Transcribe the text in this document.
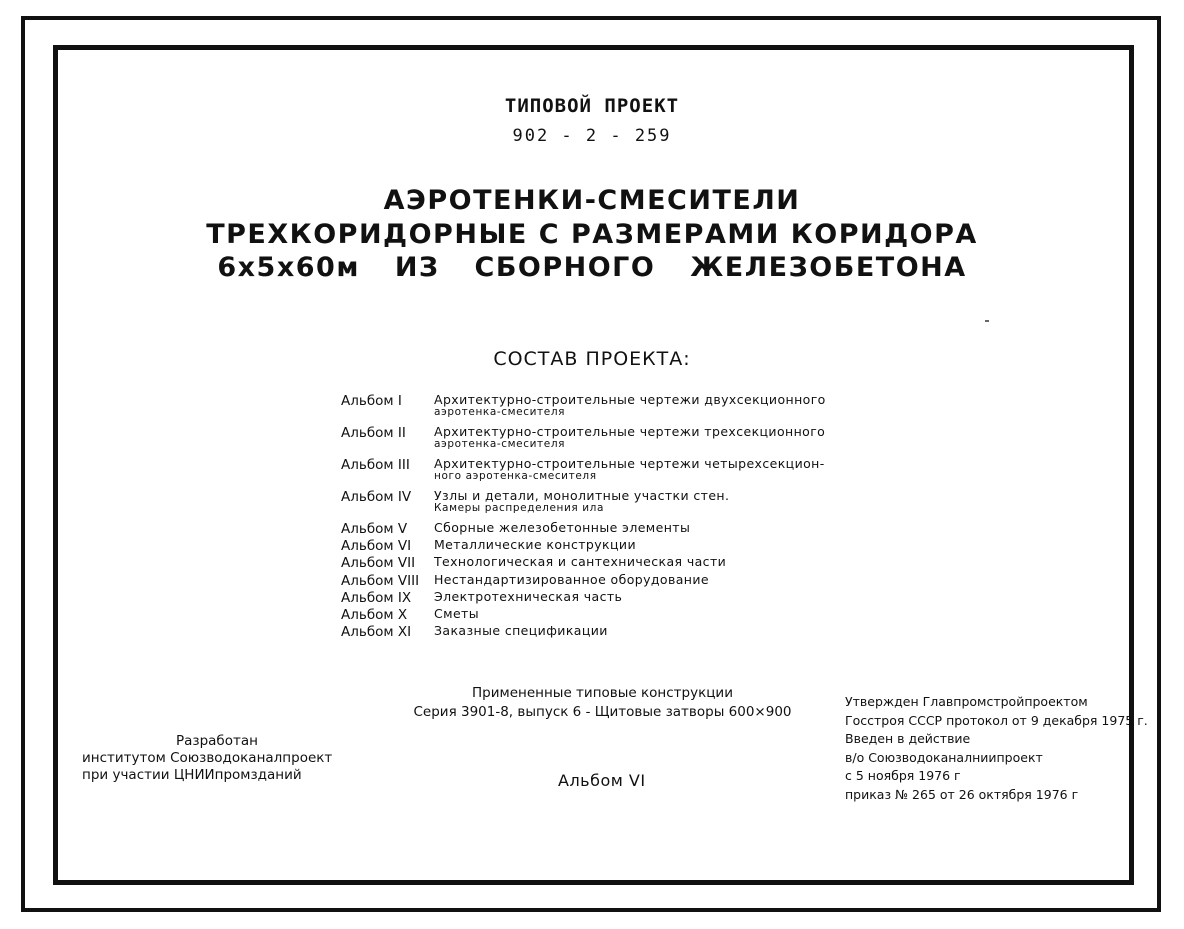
ТИПОВОЙ ПРОЕКТ
902 - 2 - 259
АЭРОТЕНКИ-СМЕСИТЕЛИ
ТРЕХКОРИДОРНЫЕ С РАЗМЕРАМИ КОРИДОРА
6х5х60м ИЗ СБОРНОГО ЖЕЛЕЗОБЕТОНА
СОСТАВ ПРОЕКТА:
Альбом I	Архитектурно-строительные чертежи двухсекционного
аэротенка-смесителя
Альбом II	Архитектурно-строительные чертежи трехсекционного
аэротенка-смесителя
Альбом III	Архитектурно-строительные чертежи четырехсекцион-
ного аэротенка-смесителя
Альбом IV	Узлы и детали, монолитные участки стен.
Камеры распределения ила
Альбом V	Сборные железобетонные элементы
Альбом VI	Металлические конструкции
Альбом VII	Технологическая и сантехническая части
Альбом VIII	Нестандартизированное оборудование
Альбом IX	Электротехническая часть
Альбом X	Сметы
Альбом XI	Заказные спецификации
Примененные типовые конструкции
Серия 3901-8, выпуск 6 - Щитовые затворы 600×900
Разработан
институтом Союзводоканалпроект
при участии ЦНИИпромзданий	Альбом VI
Утвержден Главпромстройпроектом
Госстроя СССР протокол от 9 декабря 1975 г.
Введен в действие
в/о Союзводоканалниипроект
с 5 ноября 1976 г
приказ № 265 от 26 октября 1976 г
